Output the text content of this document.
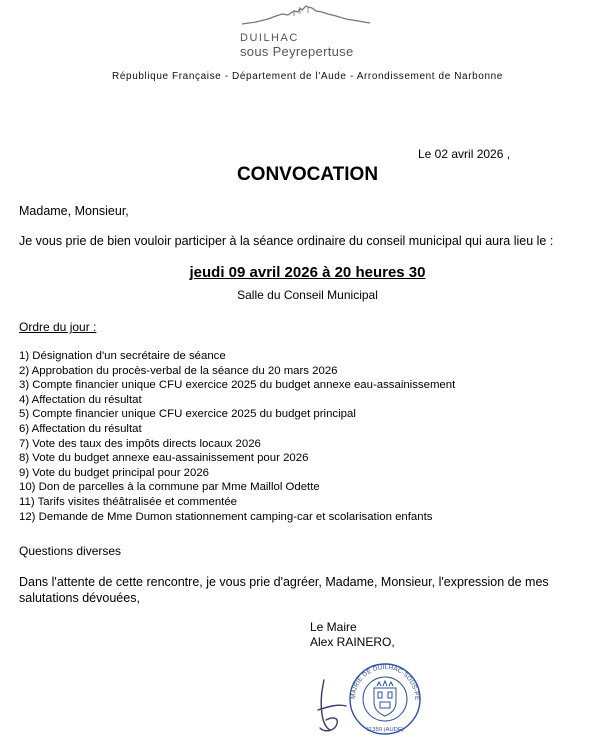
DUILHAC
sous Peyrepertuse
République Française - Département de l'Aude - Arrondissement de Narbonne
Le 02 avril 2026 ,
CONVOCATION
Madame, Monsieur,
Je vous prie de bien vouloir participer à la séance ordinaire du conseil municipal qui aura lieu le :
jeudi 09 avril 2026 à 20 heures 30
Salle du Conseil Municipal
Ordre du jour :
1) Désignation d'un secrétaire de séance
2) Approbation du procès-verbal de la séance du 20 mars 2026
3) Compte financier unique CFU exercice 2025 du budget annexe eau-assainissement
4) Affectation du résultat
5) Compte financier unique CFU exercice 2025 du budget principal
6) Affectation du résultat
7) Vote des taux des impôts directs locaux 2026
8) Vote du budget annexe eau-assainissement pour 2026
9) Vote du budget principal pour 2026
10) Don de parcelles à la commune par Mme Maillol Odette
11) Tarifs visites théâtralisée et commentée
12) Demande de Mme Dumon stationnement camping-car et scolarisation enfants
Questions diverses
Dans l'attente de cette rencontre, je vous prie d'agréer, Madame, Monsieur, l'expression de mes salutations dévouées,
Le Maire
Alex RAINERO,
MAIRIE DE DUILHAC-SOUS-PE
11350 (AUDE)
